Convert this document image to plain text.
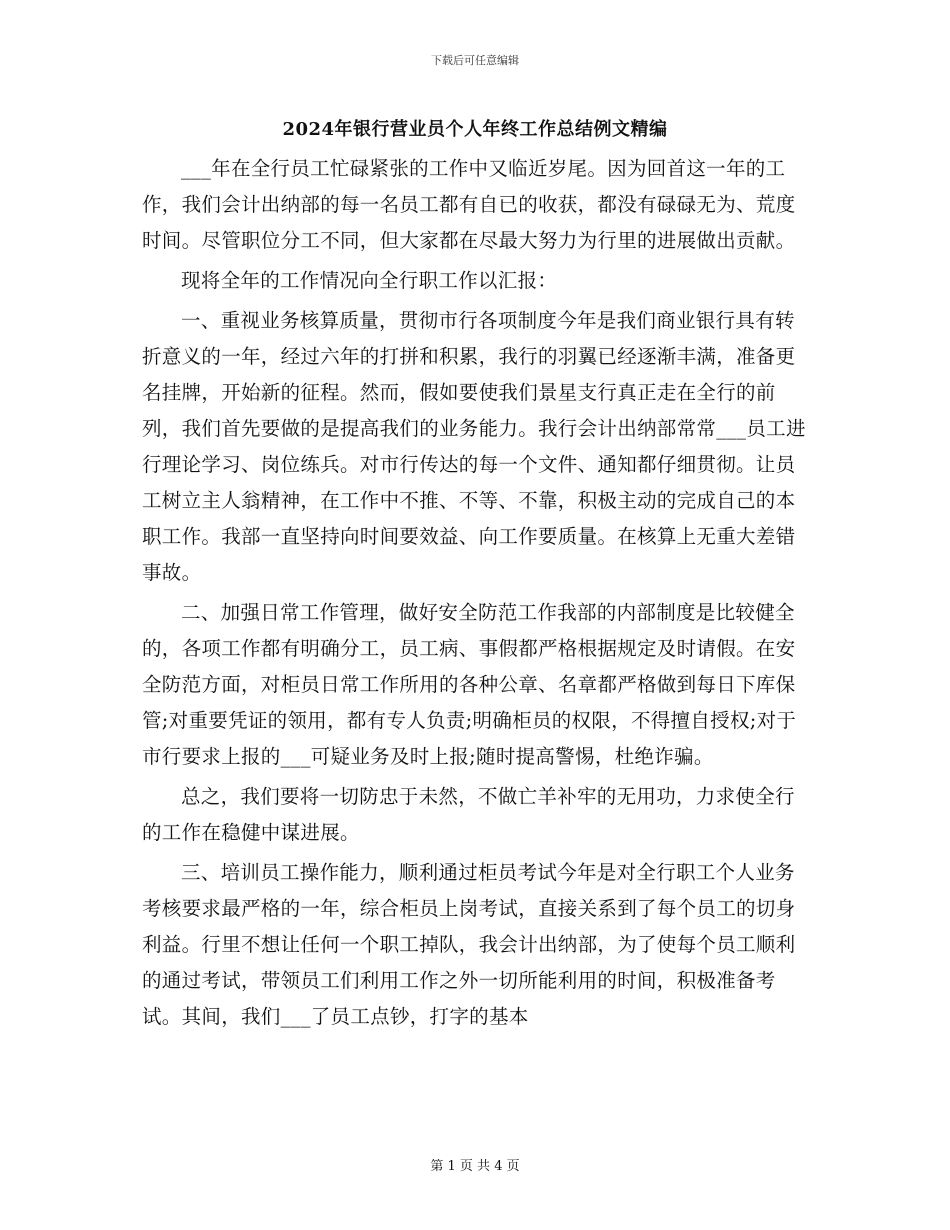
下载后可任意编辑
2024年银行营业员个人年终工作总结例文精编

___年在全行员工忙碌紧张的工作中又临近岁尾。因为回首这一年的工作，我们会计出纳部的每一名员工都有自已的收获，都没有碌碌无为、荒度时间。尽管职位分工不同，但大家都在尽最大努力为行里的进展做出贡献。

现将全年的工作情况向全行职工作以汇报：

一、重视业务核算质量，贯彻市行各项制度今年是我们商业银行具有转折意义的一年，经过六年的打拼和积累，我行的羽翼已经逐渐丰满，准备更名挂牌，开始新的征程。然而，假如要使我们景星支行真正走在全行的前列，我们首先要做的是提高我们的业务能力。我行会计出纳部常常___员工进行理论学习、岗位练兵。对市行传达的每一个文件、通知都仔细贯彻。让员工树立主人翁精神，在工作中不推、不等、不靠，积极主动的完成自己的本职工作。我部一直坚持向时间要效益、向工作要质量。在核算上无重大差错事故。

二、加强日常工作管理，做好安全防范工作我部的内部制度是比较健全的，各项工作都有明确分工，员工病、事假都严格根据规定及时请假。在安全防范方面，对柜员日常工作所用的各种公章、名章都严格做到每日下库保管;对重要凭证的领用，都有专人负责;明确柜员的权限，不得擅自授权;对于市行要求上报的___可疑业务及时上报;随时提高警惕，杜绝诈骗。

总之，我们要将一切防忠于未然，不做亡羊补牢的无用功，力求使全行的工作在稳健中谋进展。

三、培训员工操作能力，顺利通过柜员考试今年是对全行职工个人业务考核要求最严格的一年，综合柜员上岗考试，直接关系到了每个员工的切身利益。行里不想让任何一个职工掉队，我会计出纳部，为了使每个员工顺利的通过考试，带领员工们利用工作之外一切所能利用的时间，积极准备考试。其间，我们___了员工点钞，打字的基本

第 1 页 共 4 页
